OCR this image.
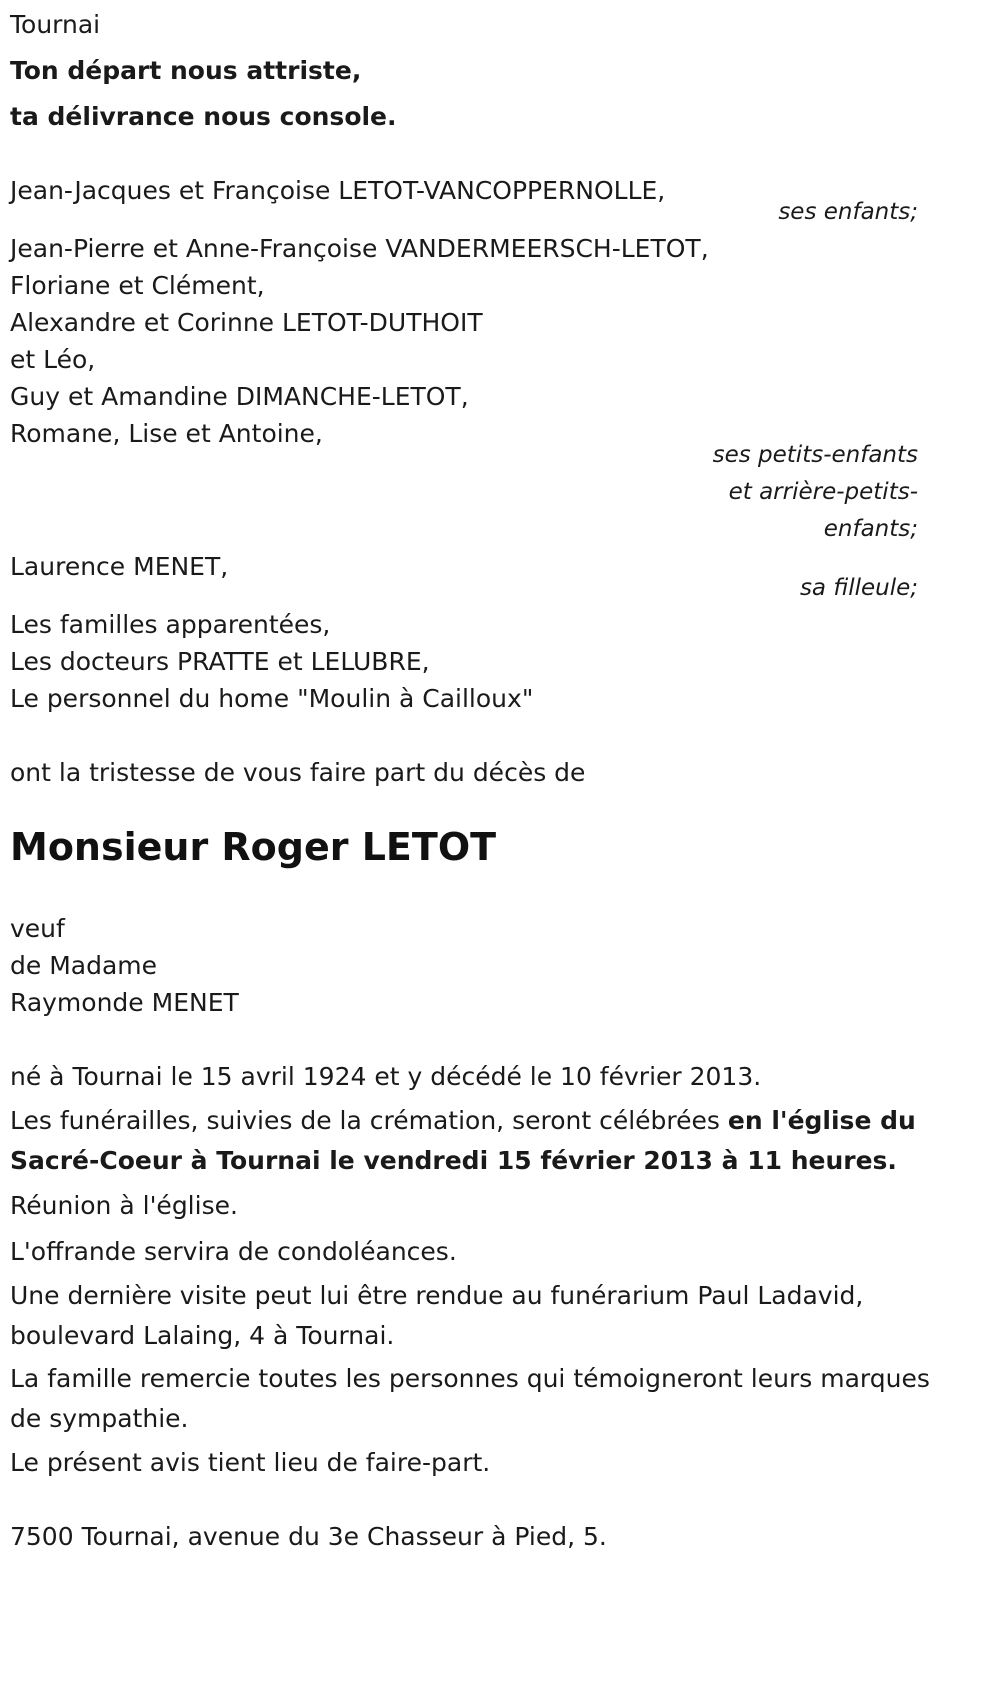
Tournai
Ton départ nous attriste,
ta délivrance nous console.
Jean-Jacques et Françoise LETOT-VANCOPPERNOLLE,
ses enfants;
Jean-Pierre et Anne-Françoise VANDERMEERSCH-LETOT,
Floriane et Clément,
Alexandre et Corinne LETOT-DUTHOIT
et Léo,
Guy et Amandine DIMANCHE-LETOT,
Romane, Lise et Antoine,
ses petits-enfants
et arrière-petits-
enfants;
Laurence MENET,
sa filleule;
Les familles apparentées,
Les docteurs PRATTE et LELUBRE,
Le personnel du home "Moulin à Cailloux"
ont la tristesse de vous faire part du décès de
Monsieur Roger LETOT
veuf
de Madame
Raymonde MENET
né à Tournai le 15 avril 1924 et y décédé le 10 février 2013.
Les funérailles, suivies de la crémation, seront célébrées en l'église du Sacré-Coeur à Tournai le vendredi 15 février 2013 à 11 heures.
Réunion à l'église.
L'offrande servira de condoléances.
Une dernière visite peut lui être rendue au funérarium Paul Ladavid, boulevard Lalaing, 4 à Tournai.
La famille remercie toutes les personnes qui témoigneront leurs marques de sympathie.
Le présent avis tient lieu de faire-part.
7500 Tournai, avenue du 3e Chasseur à Pied, 5.
